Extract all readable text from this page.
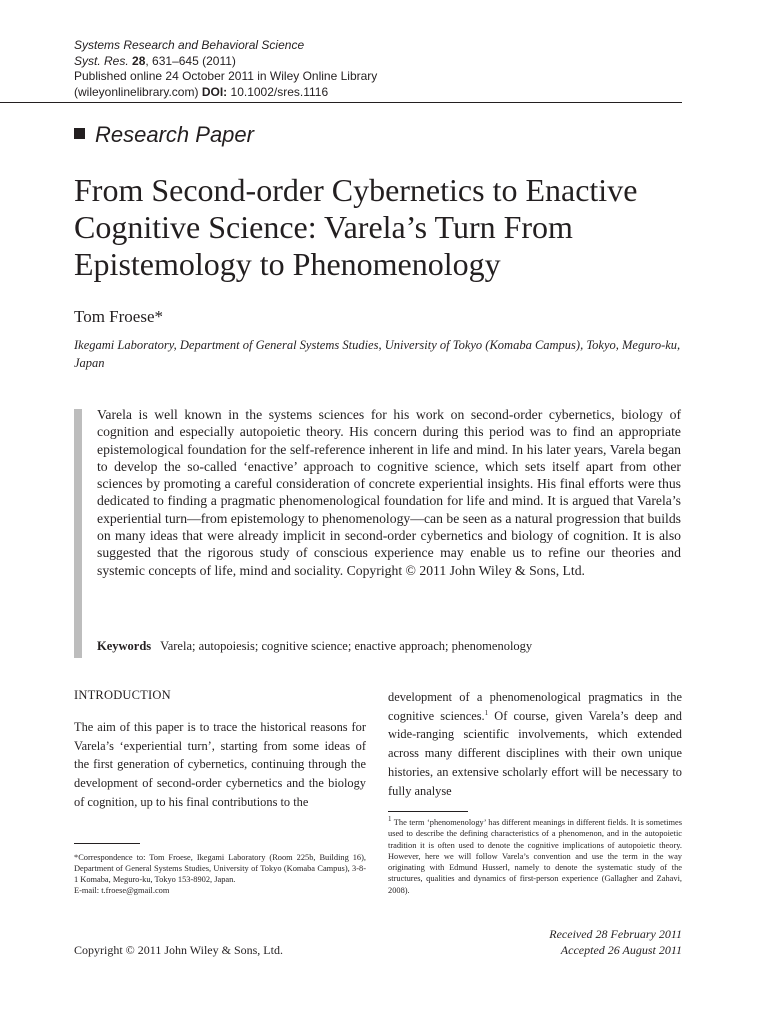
Systems Research and Behavioral Science
Syst. Res. 28, 631–645 (2011)
Published online 24 October 2011 in Wiley Online Library
(wileyonlinelibrary.com) DOI: 10.1002/sres.1116
Research Paper
From Second-order Cybernetics to Enactive Cognitive Science: Varela’s Turn From Epistemology to Phenomenology
Tom Froese*
Ikegami Laboratory, Department of General Systems Studies, University of Tokyo (Komaba Campus), Tokyo, Meguro-ku, Japan
Varela is well known in the systems sciences for his work on second-order cybernetics, biology of cognition and especially autopoietic theory. His concern during this period was to find an appropriate epistemological foundation for the self-reference inherent in life and mind. In his later years, Varela began to develop the so-called ‘enactive’ approach to cognitive science, which sets itself apart from other sciences by promoting a careful consideration of concrete experiential insights. His final efforts were thus dedicated to finding a pragmatic phenomenological foundation for life and mind. It is argued that Varela’s experiential turn—from epistemology to phenomenology—can be seen as a natural progression that builds on many ideas that were already implicit in second-order cybernetics and biology of cognition. It is also suggested that the rigorous study of conscious experience may enable us to refine our theories and systemic concepts of life, mind and sociality. Copyright © 2011 John Wiley & Sons, Ltd.
Keywords Varela; autopoiesis; cognitive science; enactive approach; phenomenology
INTRODUCTION
The aim of this paper is to trace the historical reasons for Varela’s ‘experiential turn’, starting from some ideas of the first generation of cybernetics, continuing through the development of second-order cybernetics and the biology of cognition, up to his final contributions to the
development of a phenomenological pragmatics in the cognitive sciences.$^1$ Of course, given Varela’s deep and wide-ranging scientific involvements, which extended across many different disciplines with their own unique histories, an extensive scholarly effort will be necessary to fully analyse
*Correspondence to: Tom Froese, Ikegami Laboratory (Room 225b, Building 16), Department of General Systems Studies, University of Tokyo (Komaba Campus), 3-8-1 Komaba, Meguro-ku, Tokyo 153-8902, Japan.
E-mail: t.froese@gmail.com
$^1$ The term ‘phenomenology’ has different meanings in different fields. It is sometimes used to describe the defining characteristics of a phenomenon, and in the autopoietic tradition it is often used to denote the cognitive implications of autopoietic theory. However, here we will follow Varela’s convention and use the term in the way originating with Edmund Husserl, namely to denote the systematic study of the structures, qualities and dynamics of first-person experience (Gallagher and Zahavi, 2008).
Copyright © 2011 John Wiley & Sons, Ltd.
Received 28 February 2011
Accepted 26 August 2011
